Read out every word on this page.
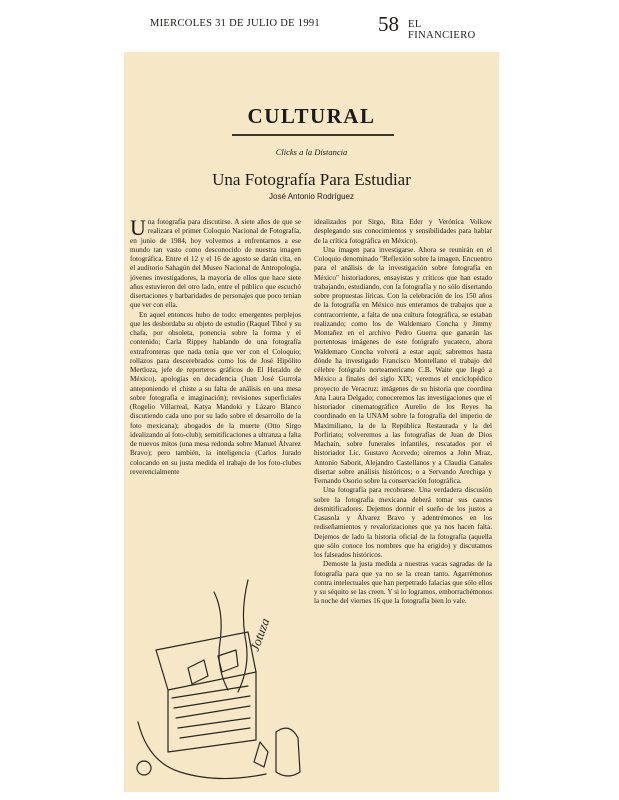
MIERCOLES 31 DE JULIO DE 1991	58 EL FINANCIERO
CULTURAL
Clicks a la Distancia
Una Fotografía Para Estudiar
José Antonio Rodríguez

Una fotografía para discutirse. A siete años de que se realizara el primer Coloquio Nacional de Fotografía, en junio de 1984, hoy volvemos a enfrentarnos a ese mundo tan vasto como desconocido de nuestra imagen fotográfica. Entre el 12 y el 16 de agosto se darán cita, en el auditorio Sahagún del Museo Nacional de Antropología, jóvenes investigadores, la mayoría de ellos que hace siete años estuvieron del otro lado, entre el público que escuchó disertaciones y barbaridades de personajes que poco tenían que ver con ella.

En aquel entonces hubo de todo: emergentes perplejos que les desbordaba su objeto de estudio (Raquel Tibol y su chafa, por obsoleta, ponencia sobre la forma y el contenido; Carla Rippey hablando de una fotografía extrafronteras que nada tenía que ver con el Coloquio; rollazos para descerebrados como los de José Hipólito Mertloza, jefe de reporteros gráficos de El Heraldo de México), apologías en decadencia (Juan José Gurrola anteponiendo el chiste a su falta de análisis en una mesa sobre fotografía e imaginación); revisiones superficiales (Rogelio Villarreal, Katya Mandoki y Lázaro Blanco discutiendo cada uno por su lado sobre el desarrollo de la foto mexicana); abogados de la muerte (Otto Sirgo idealizando al foto-club); semitificaciones a ultranza a falta de nuevos mitos (una mesa redonda sobre Manuel Álvarez Bravo); pero también, la inteligencia (Carlos Jurado colocando en su justa medida el trabajo de los foto-clubes reverencialmente

idealizados por Sirgo, Rita Eder y Verónica Volkow desplegando sus conocimientos y sensibilidades para hablar de la crítica fotográfica en México).

Una imagen para investigarse. Ahora se reunirán en el Coloquio denominado "Reflexión sobre la imagen. Encuentro para el análisis de la investigación sobre fotografía en México" historiadores, ensayistas y críticos que han estado trabajando, estudiando, con la fotografía y no sólo disertando sobre propuestas líricas. Con la celebración de los 150 años de la fotografía en México nos enteramos de trabajos que a contracorriente, a falta de una cultura fotográfica, se estaban realizando; como los de Waldemaro Concha y Jimmy Montañez en el archivo Pedro Guerra que ganarán las portentosas imágenes de este fotógrafo yucateco, ahora Waldemaro Concha volverá a estar aquí; sabremos hasta dónde ha investigado Francisco Montellano el trabajo del célebre fotógrafo norteamericano C.B. Waite que llegó a México a finales del siglo XIX; veremos el enciclopédico proyecto de Veracruz: imágenes de su historia que coordina Ana Laura Delgado; conoceremos las investigaciones que el historiador cinematográfico Aurelio de los Reyes ha coordinado en la UNAM sobre la fotografía del imperio de Maximiliano, la de la República Restaurada y la del Porfiriato; volveremos a las fotografías de Juan de Dios Machaín, sobre funerales infantiles, rescatados por el historiador Lic. Gustavo Acevedo; oiremos a John Mraz, Antonio Saborit, Alejandro Castellanos y a Claudia Canales disertar sobre análisis históricos; o a Servando Arechiga y Fernando Osorio sobre la conservación fotográfica.

Una fotografía para recobrarse. Una verdadera discusión sobre la fotografía mexicana deberá tomar sus cauces desmitificadores. Dejemos dormir el sueño de los justos a Casasola y Álvarez Bravo y adentrémonos en los rediseñamientos y revalorizaciones que ya nos hacen falta. Dejemos de lado la historia oficial de la fotografía (aquella que sólo conoce los nombres que ha erigido) y discutamos los falseados históricos.

Demoste la justa medida a nuestras vacas sagradas de la fotografía para que ya no se la crean tanto. Agarrémonos contra intelectuales que han perpetrado falacias que sólo ellos y su séquito se las creen. Y si lo logramos, emborrachémonos la noche del viernes 16 que la fotografía bien lo vale.

Jotuza
